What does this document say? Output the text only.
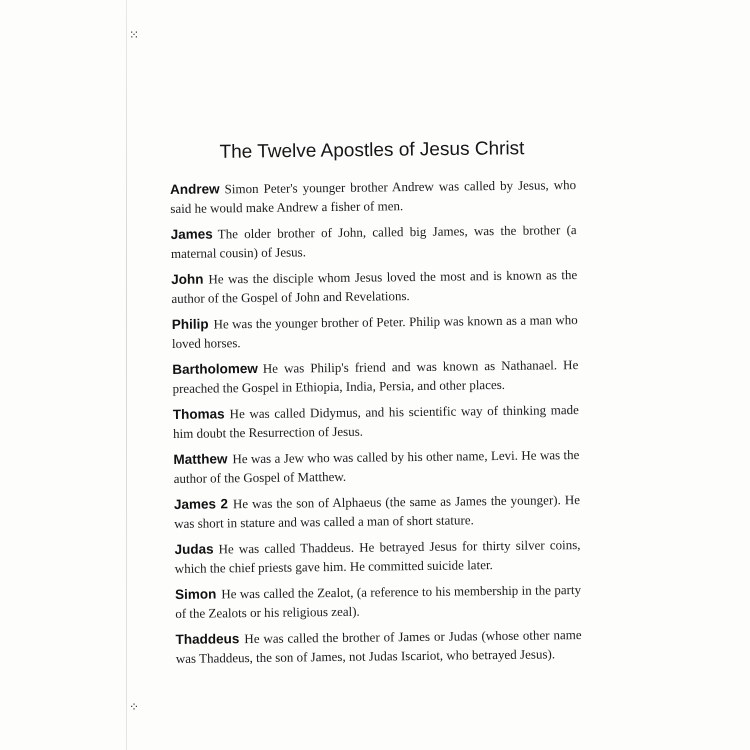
⁙
⁘
The Twelve Apostles of Jesus Christ

Andrew Simon Peter's younger brother Andrew was called by Jesus, who said he would make Andrew a fisher of men.

James The older brother of John, called big James, was the brother (a maternal cousin) of Jesus.

John He was the disciple whom Jesus loved the most and is known as the author of the Gospel of John and Revelations.

Philip He was the younger brother of Peter. Philip was known as a man who loved horses.

Bartholomew He was Philip's friend and was known as Nathanael. He preached the Gospel in Ethiopia, India, Persia, and other places.

Thomas He was called Didymus, and his scientific way of thinking made him doubt the Resurrection of Jesus.

Matthew He was a Jew who was called by his other name, Levi. He was the author of the Gospel of Matthew.

James 2 He was the son of Alphaeus (the same as James the younger). He was short in stature and was called a man of short stature.

Judas He was called Thaddeus. He betrayed Jesus for thirty silver coins, which the chief priests gave him. He committed suicide later.

Simon He was called the Zealot, (a reference to his membership in the party of the Zealots or his religious zeal).

Thaddeus He was called the brother of James or Judas (whose other name was Thaddeus, the son of James, not Judas Iscariot, who betrayed Jesus).
